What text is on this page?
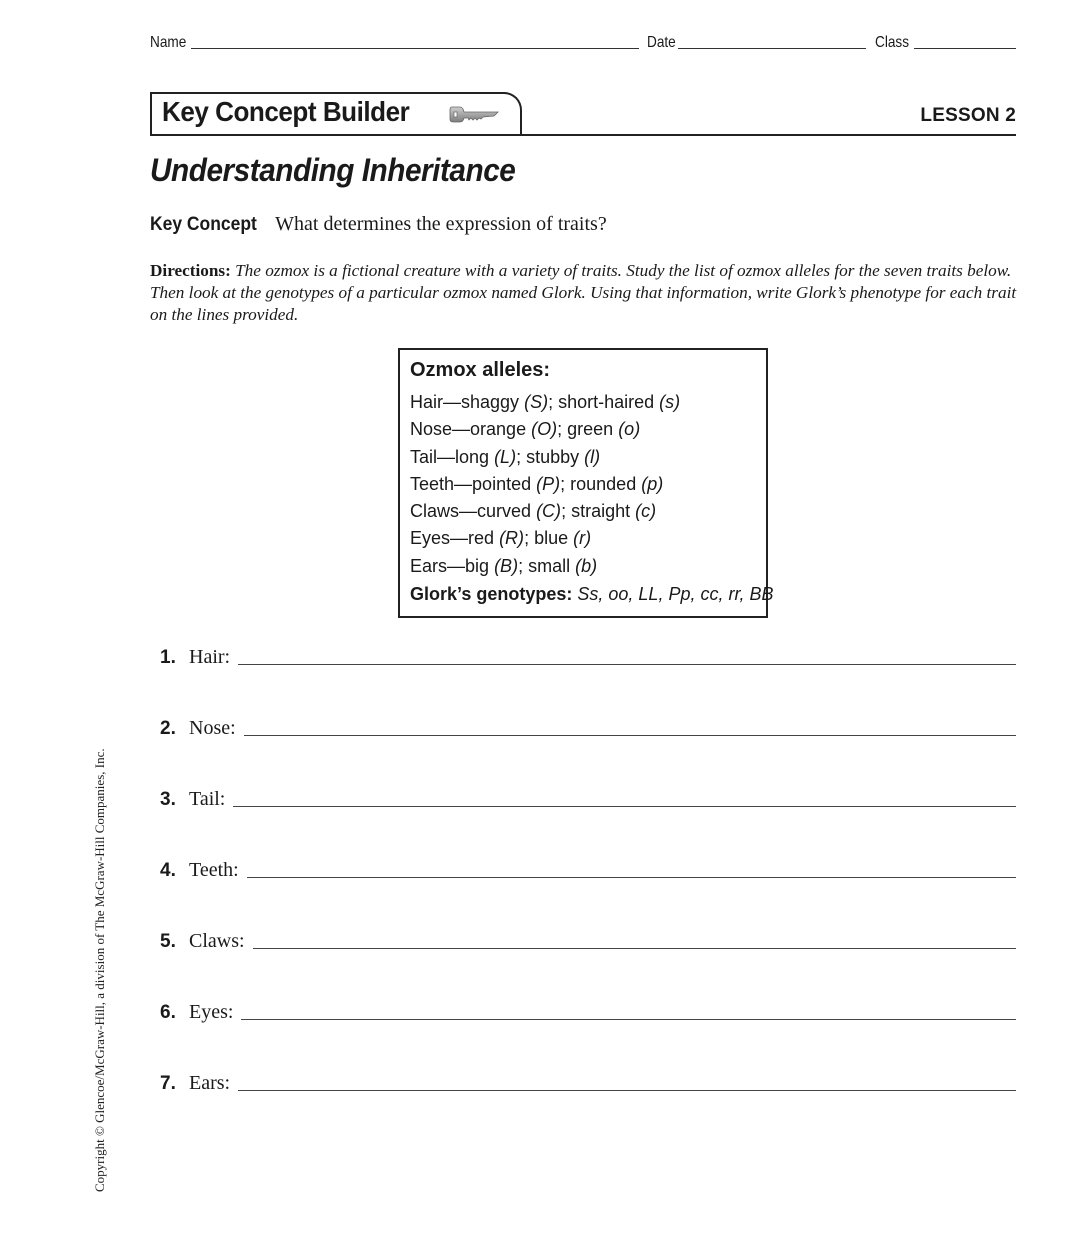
Name	Date	Class
Key Concept Builder	LESSON 2
Understanding Inheritance
Key Concept What determines the expression of traits?
Directions: The ozmox is a fictional creature with a variety of traits. Study the list of ozmox alleles for the seven traits below. Then look at the genotypes of a particular ozmox named Glork. Using that information, write Glork’s phenotype for each trait on the lines provided.
Ozmox alleles:
Hair—shaggy (S); short-haired (s)
Nose—orange (O); green (o)
Tail—long (L); stubby (l)
Teeth—pointed (P); rounded (p)
Claws—curved (C); straight (c)
Eyes—red (R); blue (r)
Ears—big (B); small (b)
Glork’s genotypes: Ss, oo, LL, Pp, cc, rr, BB
1. Hair:
2. Nose:
3. Tail:
4. Teeth:
5. Claws:
6. Eyes:
7. Ears:
Copyright © Glencoe/McGraw-Hill, a division of The McGraw-Hill Companies, Inc.
